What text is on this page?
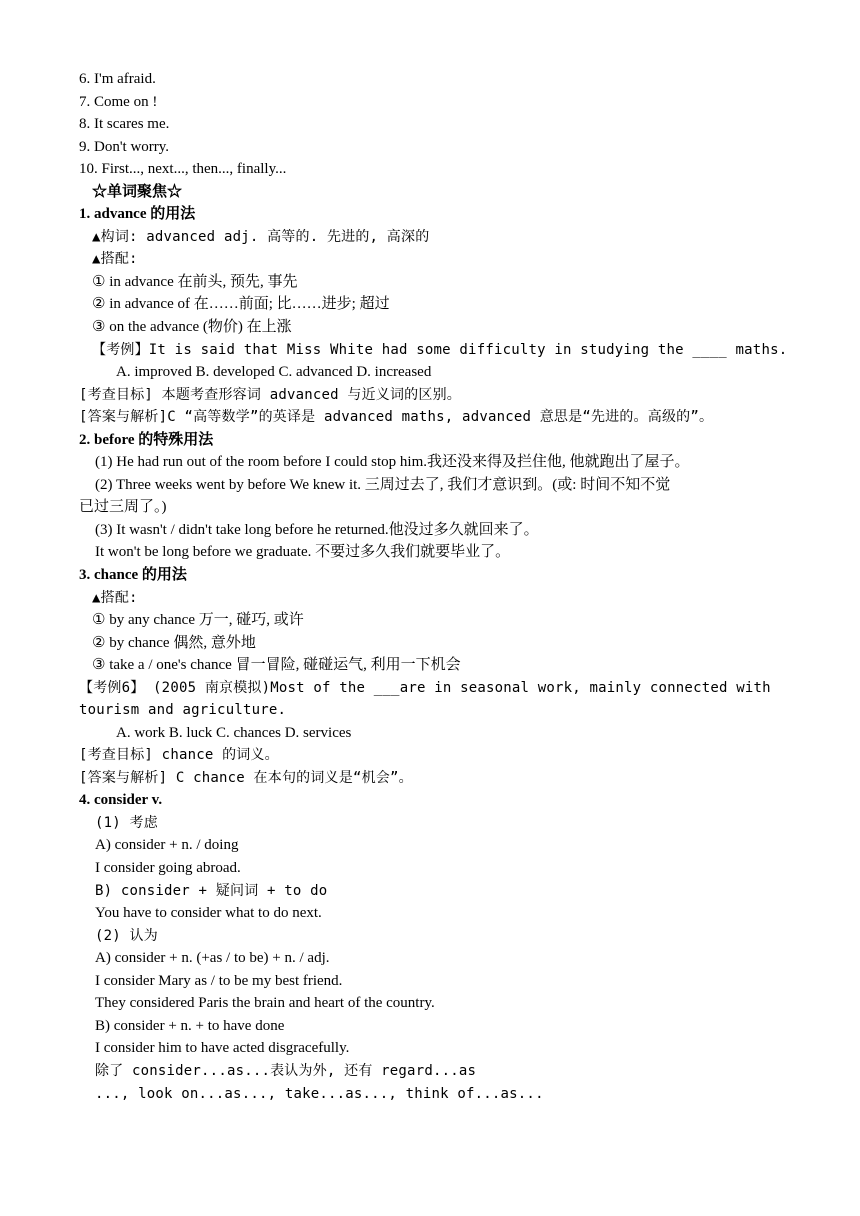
6. I'm afraid.
7. Come on !
8. It scares me.
9. Don't worry.
10. First..., next..., then..., finally...
☆单词聚焦☆
1. advance 的用法
▲构词: advanced adj. 高等的. 先进的, 高深的
▲搭配:
① in advance 在前头, 预先, 事先
② in advance of 在……前面; 比……进步; 超过
③ on the advance (物价) 在上涨
【考例】It is said that Miss White had some difficulty in studying the ____ maths.
A. improved B. developed C. advanced D. increased
[考查目标] 本题考查形容词 advanced 与近义词的区别。
[答案与解析]C “高等数学”的英译是 advanced maths, advanced 意思是“先进的。高级的”。
2. before 的特殊用法
(1) He had run out of the room before I could stop him.我还没来得及拦住他, 他就跑出了屋子。
(2) Three weeks went by before We knew it. 三周过去了, 我们才意识到。(或: 时间不知不觉
已过三周了。)
(3) It wasn't / didn't take long before he returned.他没过多久就回来了。
It won't be long before we graduate. 不要过多久我们就要毕业了。
3. chance 的用法
▲搭配:
① by any chance 万一, 碰巧, 或许
② by chance 偶然, 意外地
③ take a / one's chance 冒一冒险, 碰碰运气, 利用一下机会
【考例6】 (2005 南京模拟)Most of the ___are in seasonal work, mainly connected with
tourism and agriculture.
A. work B. luck C. chances D. services
[考查目标] chance 的词义。
[答案与解析] C chance 在本句的词义是“机会”。
4. consider v.
(1) 考虑
A) consider + n. / doing
I consider going abroad.
B) consider + 疑问词 + to do
You have to consider what to do next.
(2) 认为
A) consider + n. (+as / to be) + n. / adj.
I consider Mary as / to be my best friend.
They considered Paris the brain and heart of the country.
B) consider + n. + to have done
I consider him to have acted disgracefully.
除了 consider...as...表认为外, 还有 regard...as
..., look on...as..., take...as..., think of...as...
